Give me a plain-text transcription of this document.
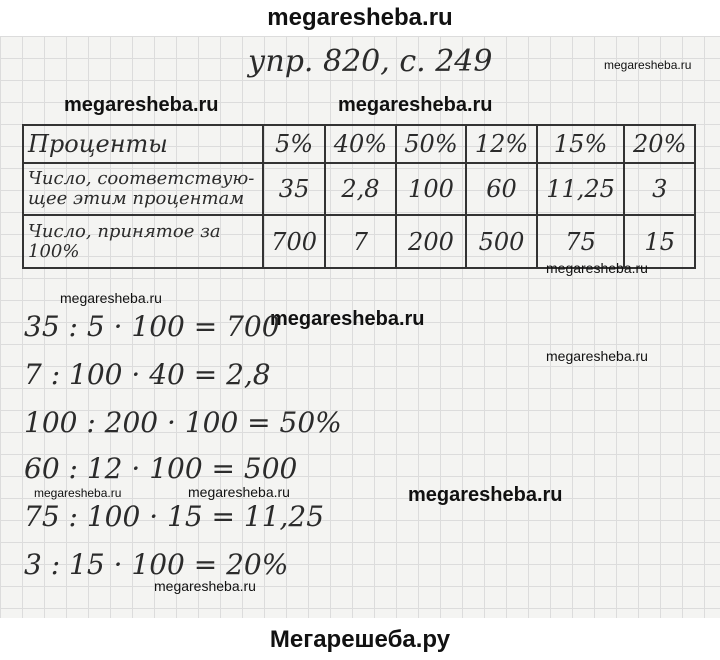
megaresheba.ru
упр. 820, с. 249	megaresheba.ru
megaresheba.ru	megaresheba.ru
Проценты	5%	40%	50%	12%	15%	20%
Число, соответствую-щее этим процентам	35	2,8	100	60	11,25	3
Число, принятое за 100%	700	7	200	500	75	15
megaresheba.ru
megaresheba.ru
megaresheba.ru
megaresheba.ru
megaresheba.ru	megaresheba.ru	megaresheba.ru
megaresheba.ru
35 : 5 · 100 = 700
7 : 100 · 40 = 2,8
100 : 200 · 100 = 50%
60 : 12 · 100 = 500
75 : 100 · 15 = 11,25
3 : 15 · 100 = 20%
Мегарешеба.ру
